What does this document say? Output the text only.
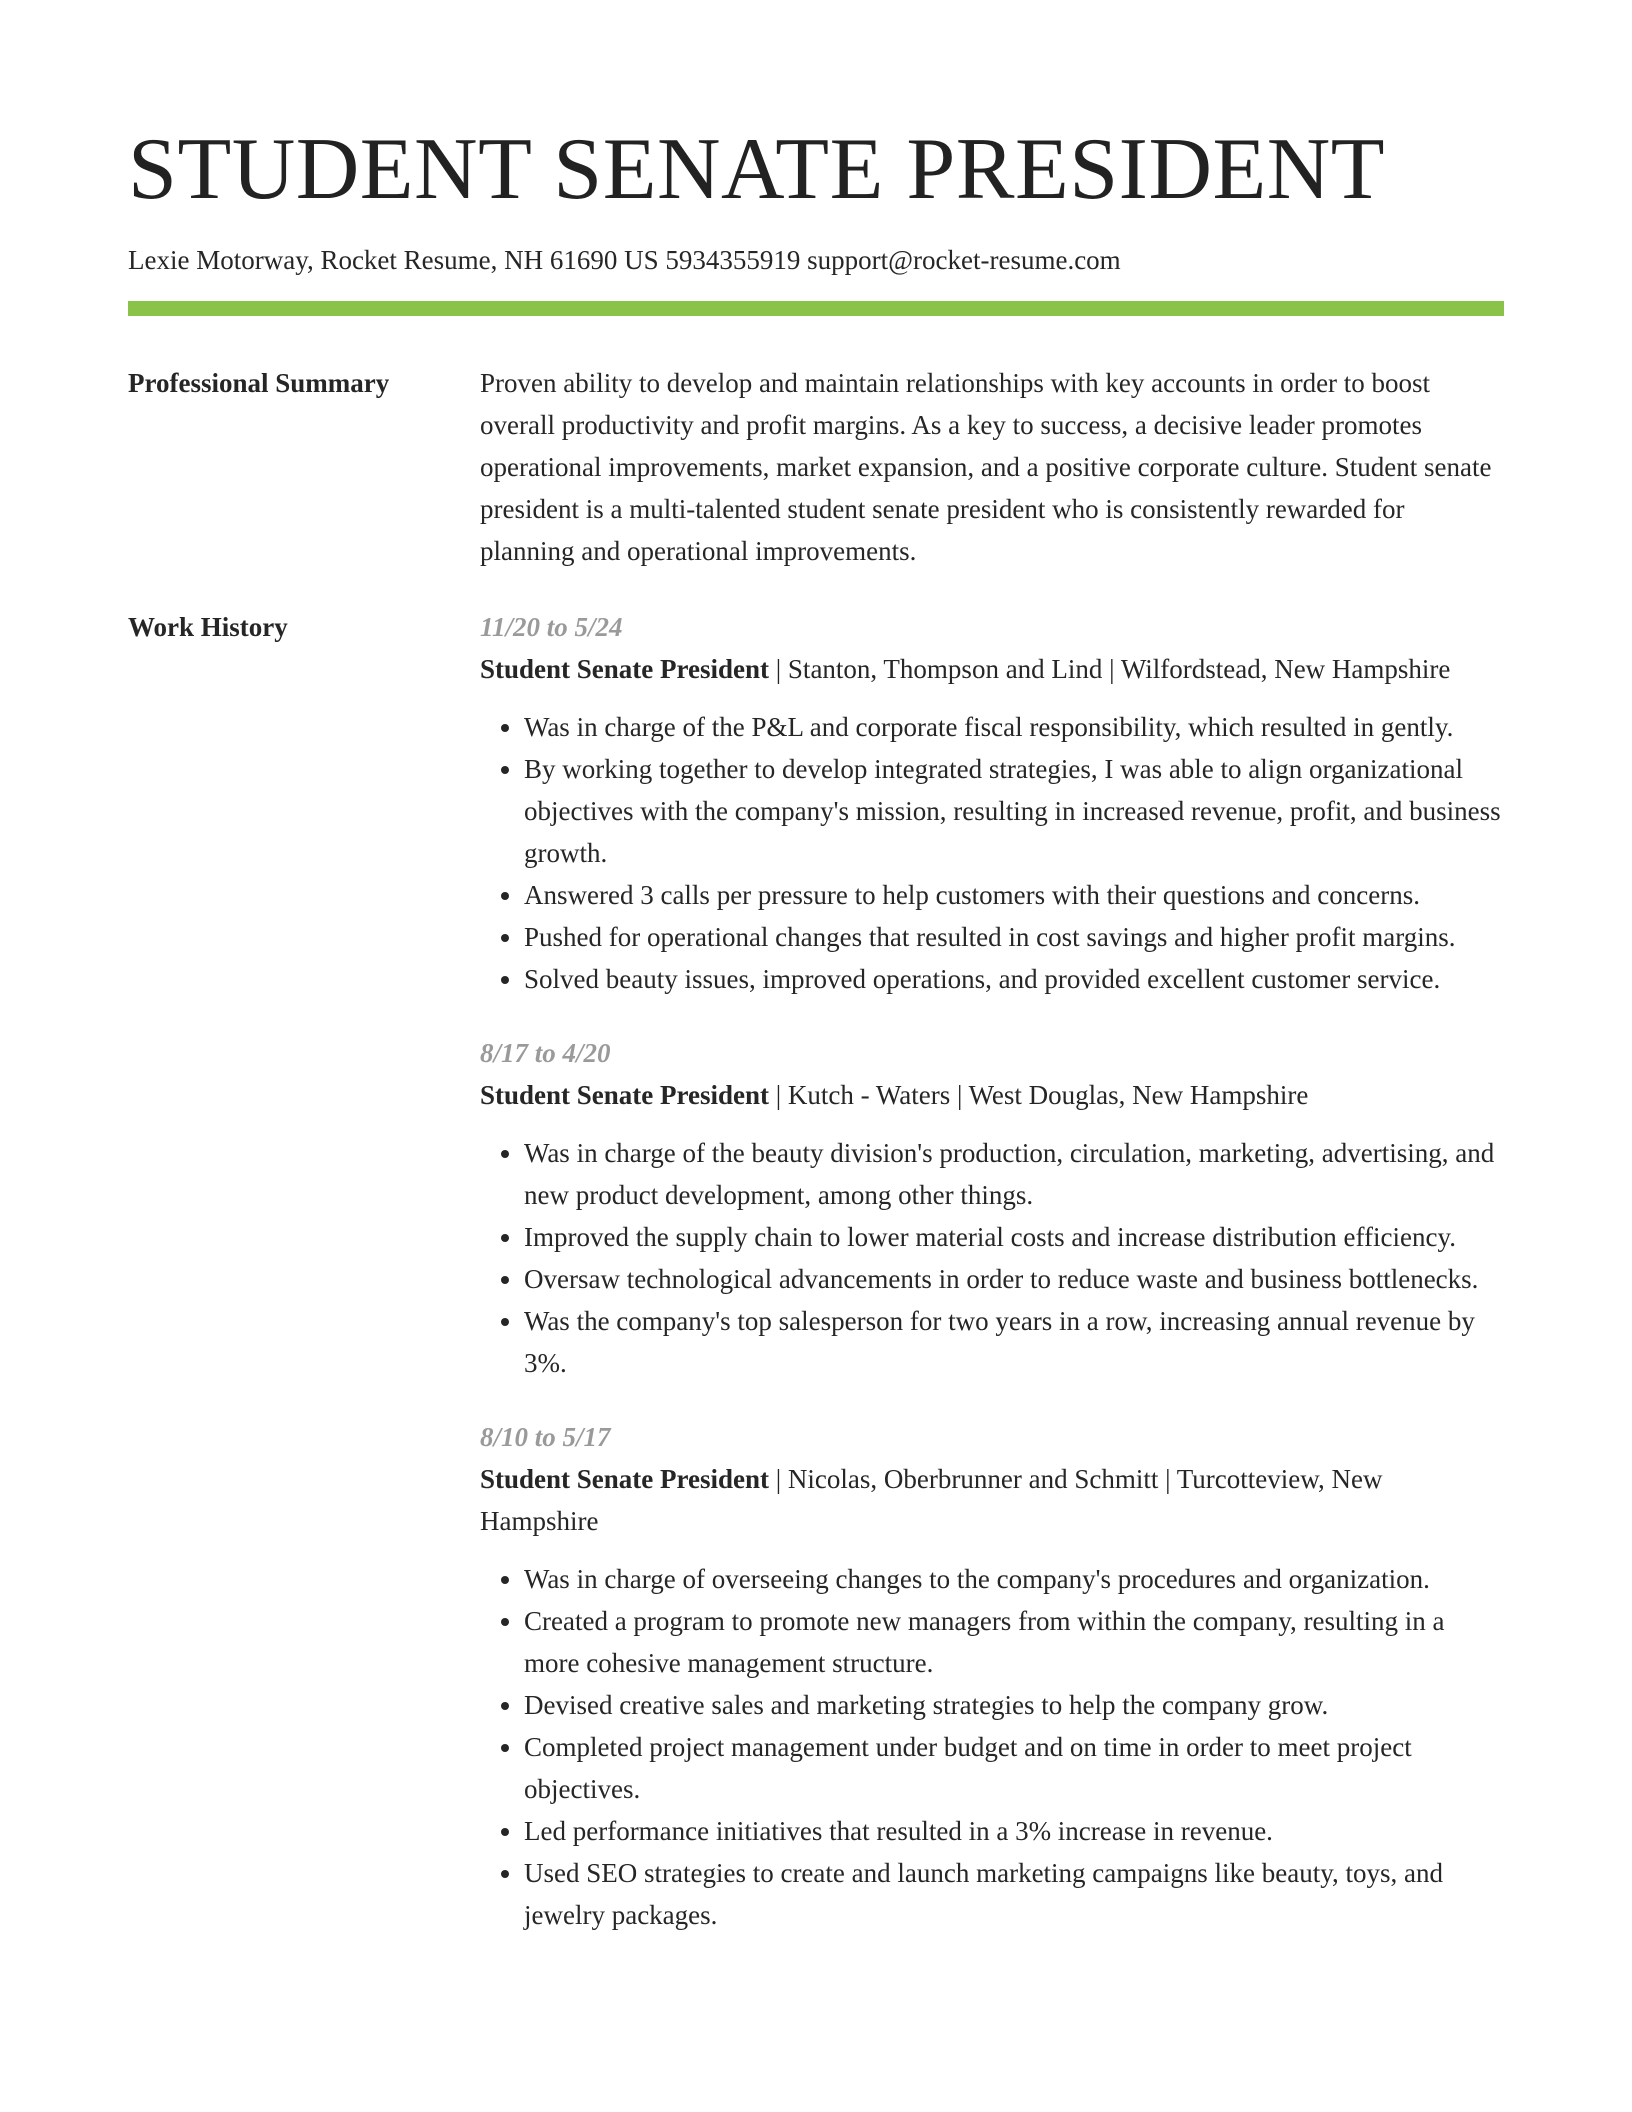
STUDENT SENATE PRESIDENT
Lexie Motorway, Rocket Resume, NH 61690 US 5934355919 support@rocket-resume.com
Professional Summary	Proven ability to develop and maintain relationships with key accounts in order to boost overall productivity and profit margins. As a key to success, a decisive leader promotes operational improvements, market expansion, and a positive corporate culture. Student senate president is a multi-talented student senate president who is consistently rewarded for planning and operational improvements.

Work History	11/20 to 5/24

Student Senate President | Stanton, Thompson and Lind | Wilfordstead, New Hampshire

• Was in charge of the P&L and corporate fiscal responsibility, which resulted in gently.
• By working together to develop integrated strategies, I was able to align organizational objectives with the company's mission, resulting in increased revenue, profit, and business growth.
• Answered 3 calls per pressure to help customers with their questions and concerns.
• Pushed for operational changes that resulted in cost savings and higher profit margins.
• Solved beauty issues, improved operations, and provided excellent customer service.
8/17 to 4/20

Student Senate President | Kutch - Waters | West Douglas, New Hampshire

• Was in charge of the beauty division's production, circulation, marketing, advertising, and new product development, among other things.
• Improved the supply chain to lower material costs and increase distribution efficiency.
• Oversaw technological advancements in order to reduce waste and business bottlenecks.
• Was the company's top salesperson for two years in a row, increasing annual revenue by 3%.
8/10 to 5/17

Student Senate President | Nicolas, Oberbrunner and Schmitt | Turcotteview, New Hampshire

• Was in charge of overseeing changes to the company's procedures and organization.
• Created a program to promote new managers from within the company, resulting in a more cohesive management structure.
• Devised creative sales and marketing strategies to help the company grow.
• Completed project management under budget and on time in order to meet project objectives.
• Led performance initiatives that resulted in a 3% increase in revenue.
• Used SEO strategies to create and launch marketing campaigns like beauty, toys, and jewelry packages.
